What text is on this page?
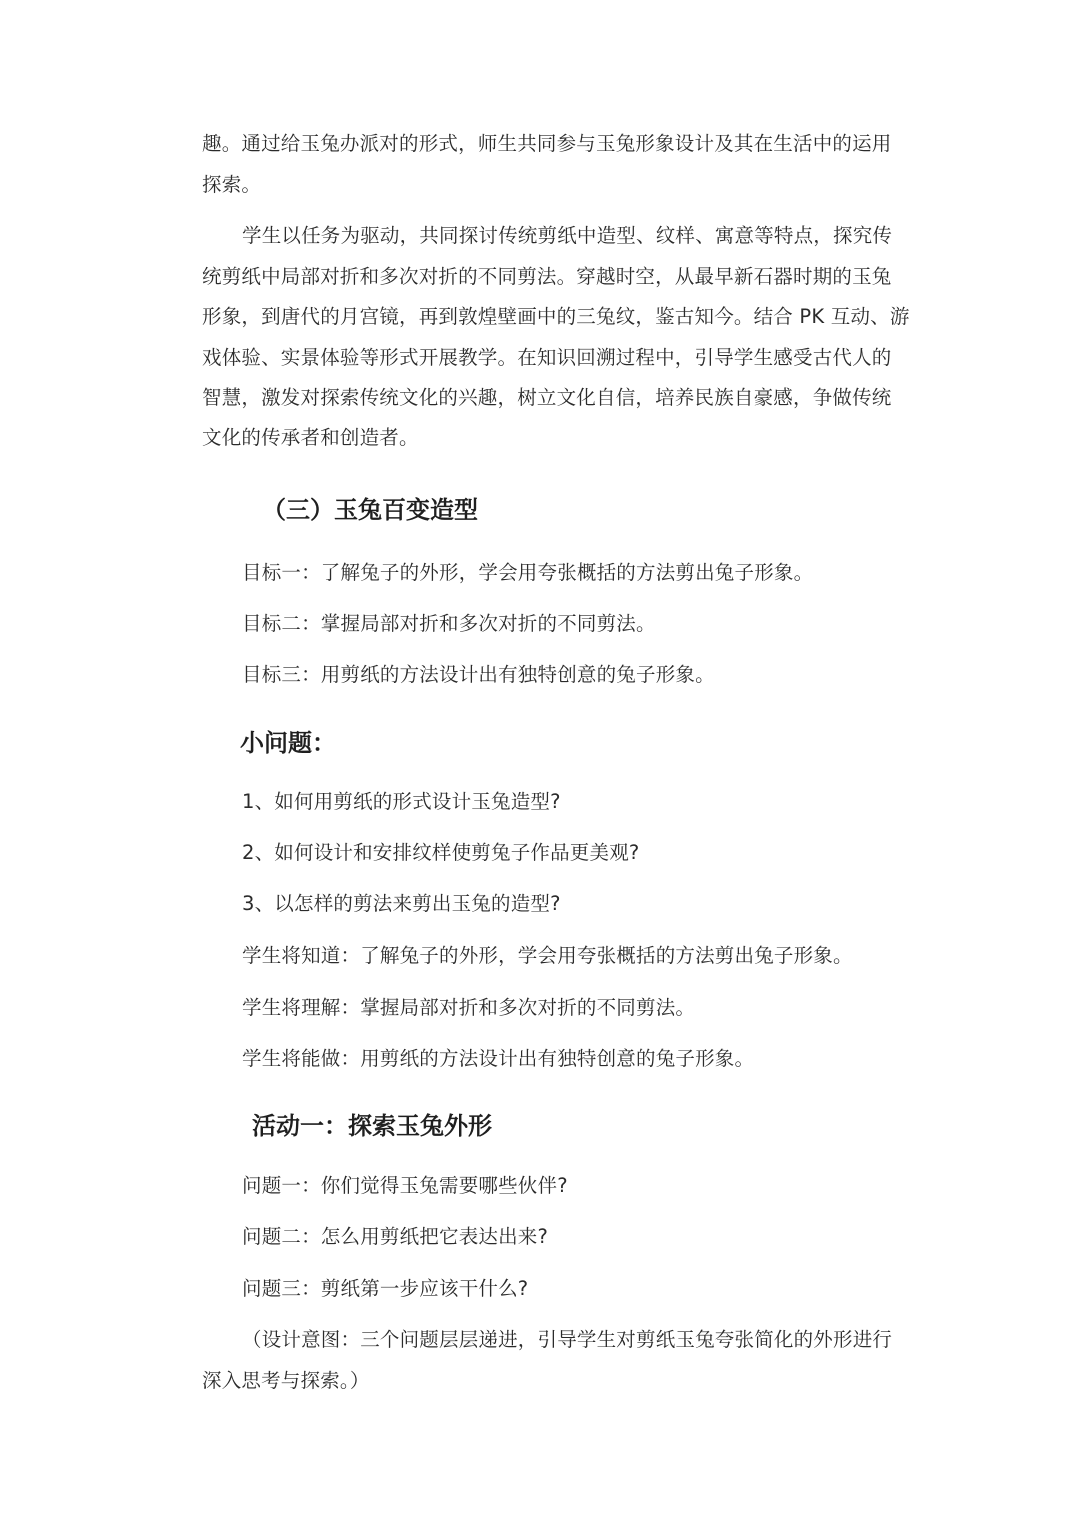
趣。通过给玉兔办派对的形式，师生共同参与玉兔形象设计及其在生活中的运用
探索。
学生以任务为驱动，共同探讨传统剪纸中造型、纹样、寓意等特点，探究传
统剪纸中局部对折和多次对折的不同剪法。穿越时空，从最早新石器时期的玉兔
形象，到唐代的月宫镜，再到敦煌壁画中的三兔纹，鉴古知今。结合 PK 互动、游
戏体验、实景体验等形式开展教学。在知识回溯过程中，引导学生感受古代人的
智慧，激发对探索传统文化的兴趣，树立文化自信，培养民族自豪感，争做传统
文化的传承者和创造者。
（三）玉兔百变造型
目标一：了解兔子的外形，学会用夸张概括的方法剪出兔子形象。
目标二：掌握局部对折和多次对折的不同剪法。
目标三：用剪纸的方法设计出有独特创意的兔子形象。
小问题：
1、如何用剪纸的形式设计玉兔造型?
2、如何设计和安排纹样使剪兔子作品更美观?
3、以怎样的剪法来剪出玉兔的造型?
学生将知道：了解兔子的外形，学会用夸张概括的方法剪出兔子形象。
学生将理解：掌握局部对折和多次对折的不同剪法。
学生将能做：用剪纸的方法设计出有独特创意的兔子形象。
活动一：探索玉兔外形
问题一：你们觉得玉兔需要哪些伙伴?
问题二：怎么用剪纸把它表达出来?
问题三：剪纸第一步应该干什么?
（设计意图：三个问题层层递进，引导学生对剪纸玉兔夸张简化的外形进行
深入思考与探索。）
